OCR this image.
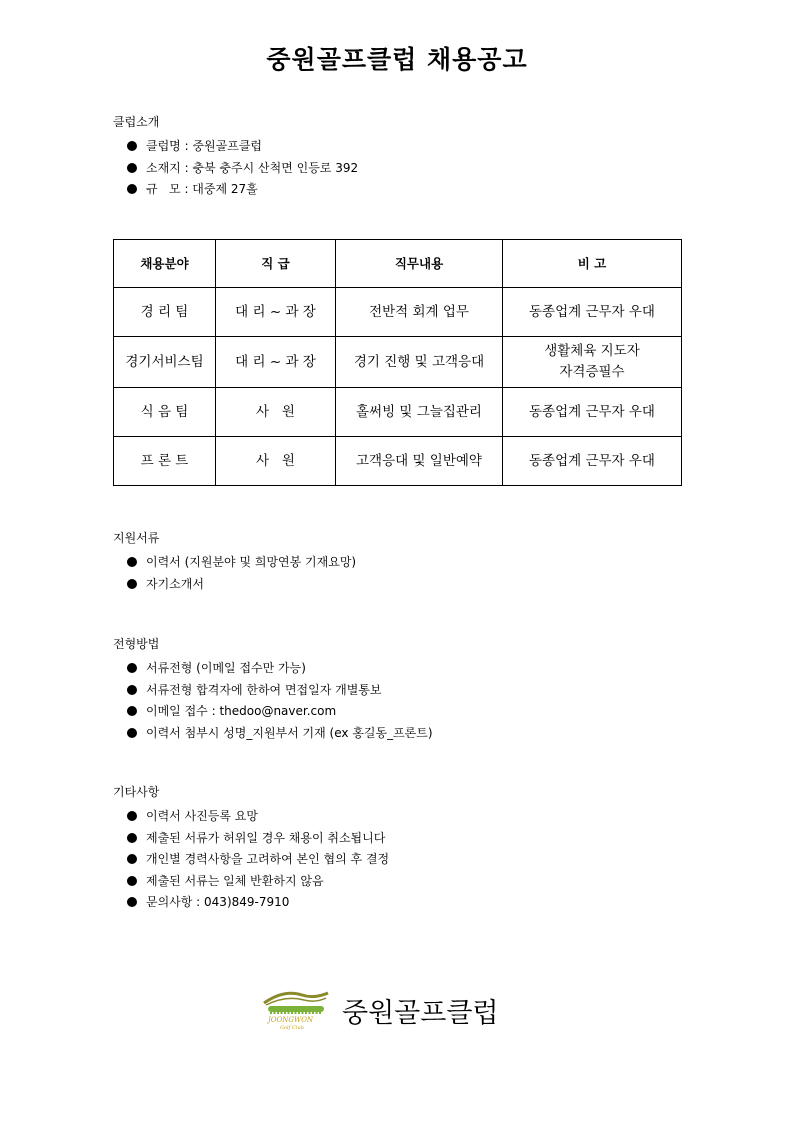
중원골프클럽 채용공고
클럽소개
클럽명 : 중원골프클럽
소재지 : 충북 충주시 산척면 인등로 392
규   모 : 대중제 27홀
채용분야	직 급	직무내용	비 고
경 리 팀	대 리 ~ 과 장	전반적 회계 업무	동종업계 근무자 우대
경기서비스팀	대 리 ~ 과 장	경기 진행 및 고객응대	생활체육 지도자
자격증필수
식 음 팀	사   원	홀써빙 및 그늘집관리	동종업계 근무자 우대
프 론 트	사   원	고객응대 및 일반예약	동종업계 근무자 우대
지원서류
이력서 (지원분야 및 희망연봉 기재요망)
자기소개서
전형방법
서류전형 (이메일 접수만 가능)
서류전형 합격자에 한하여 면접일자 개별통보
이메일 접수 : thedoo@naver.com
이력서 첨부시 성명_지원부서 기재 (ex 홍길동_프론트)
기타사항
이력서 사진등록 요망
제출된 서류가 허위일 경우 채용이 취소됩니다
개인별 경력사항을 고려하여 본인 협의 후 결정
제출된 서류는 일체 반환하지 않음
문의사항 : 043)849-7910
JOONGWON
Golf Club 중원골프클럽
